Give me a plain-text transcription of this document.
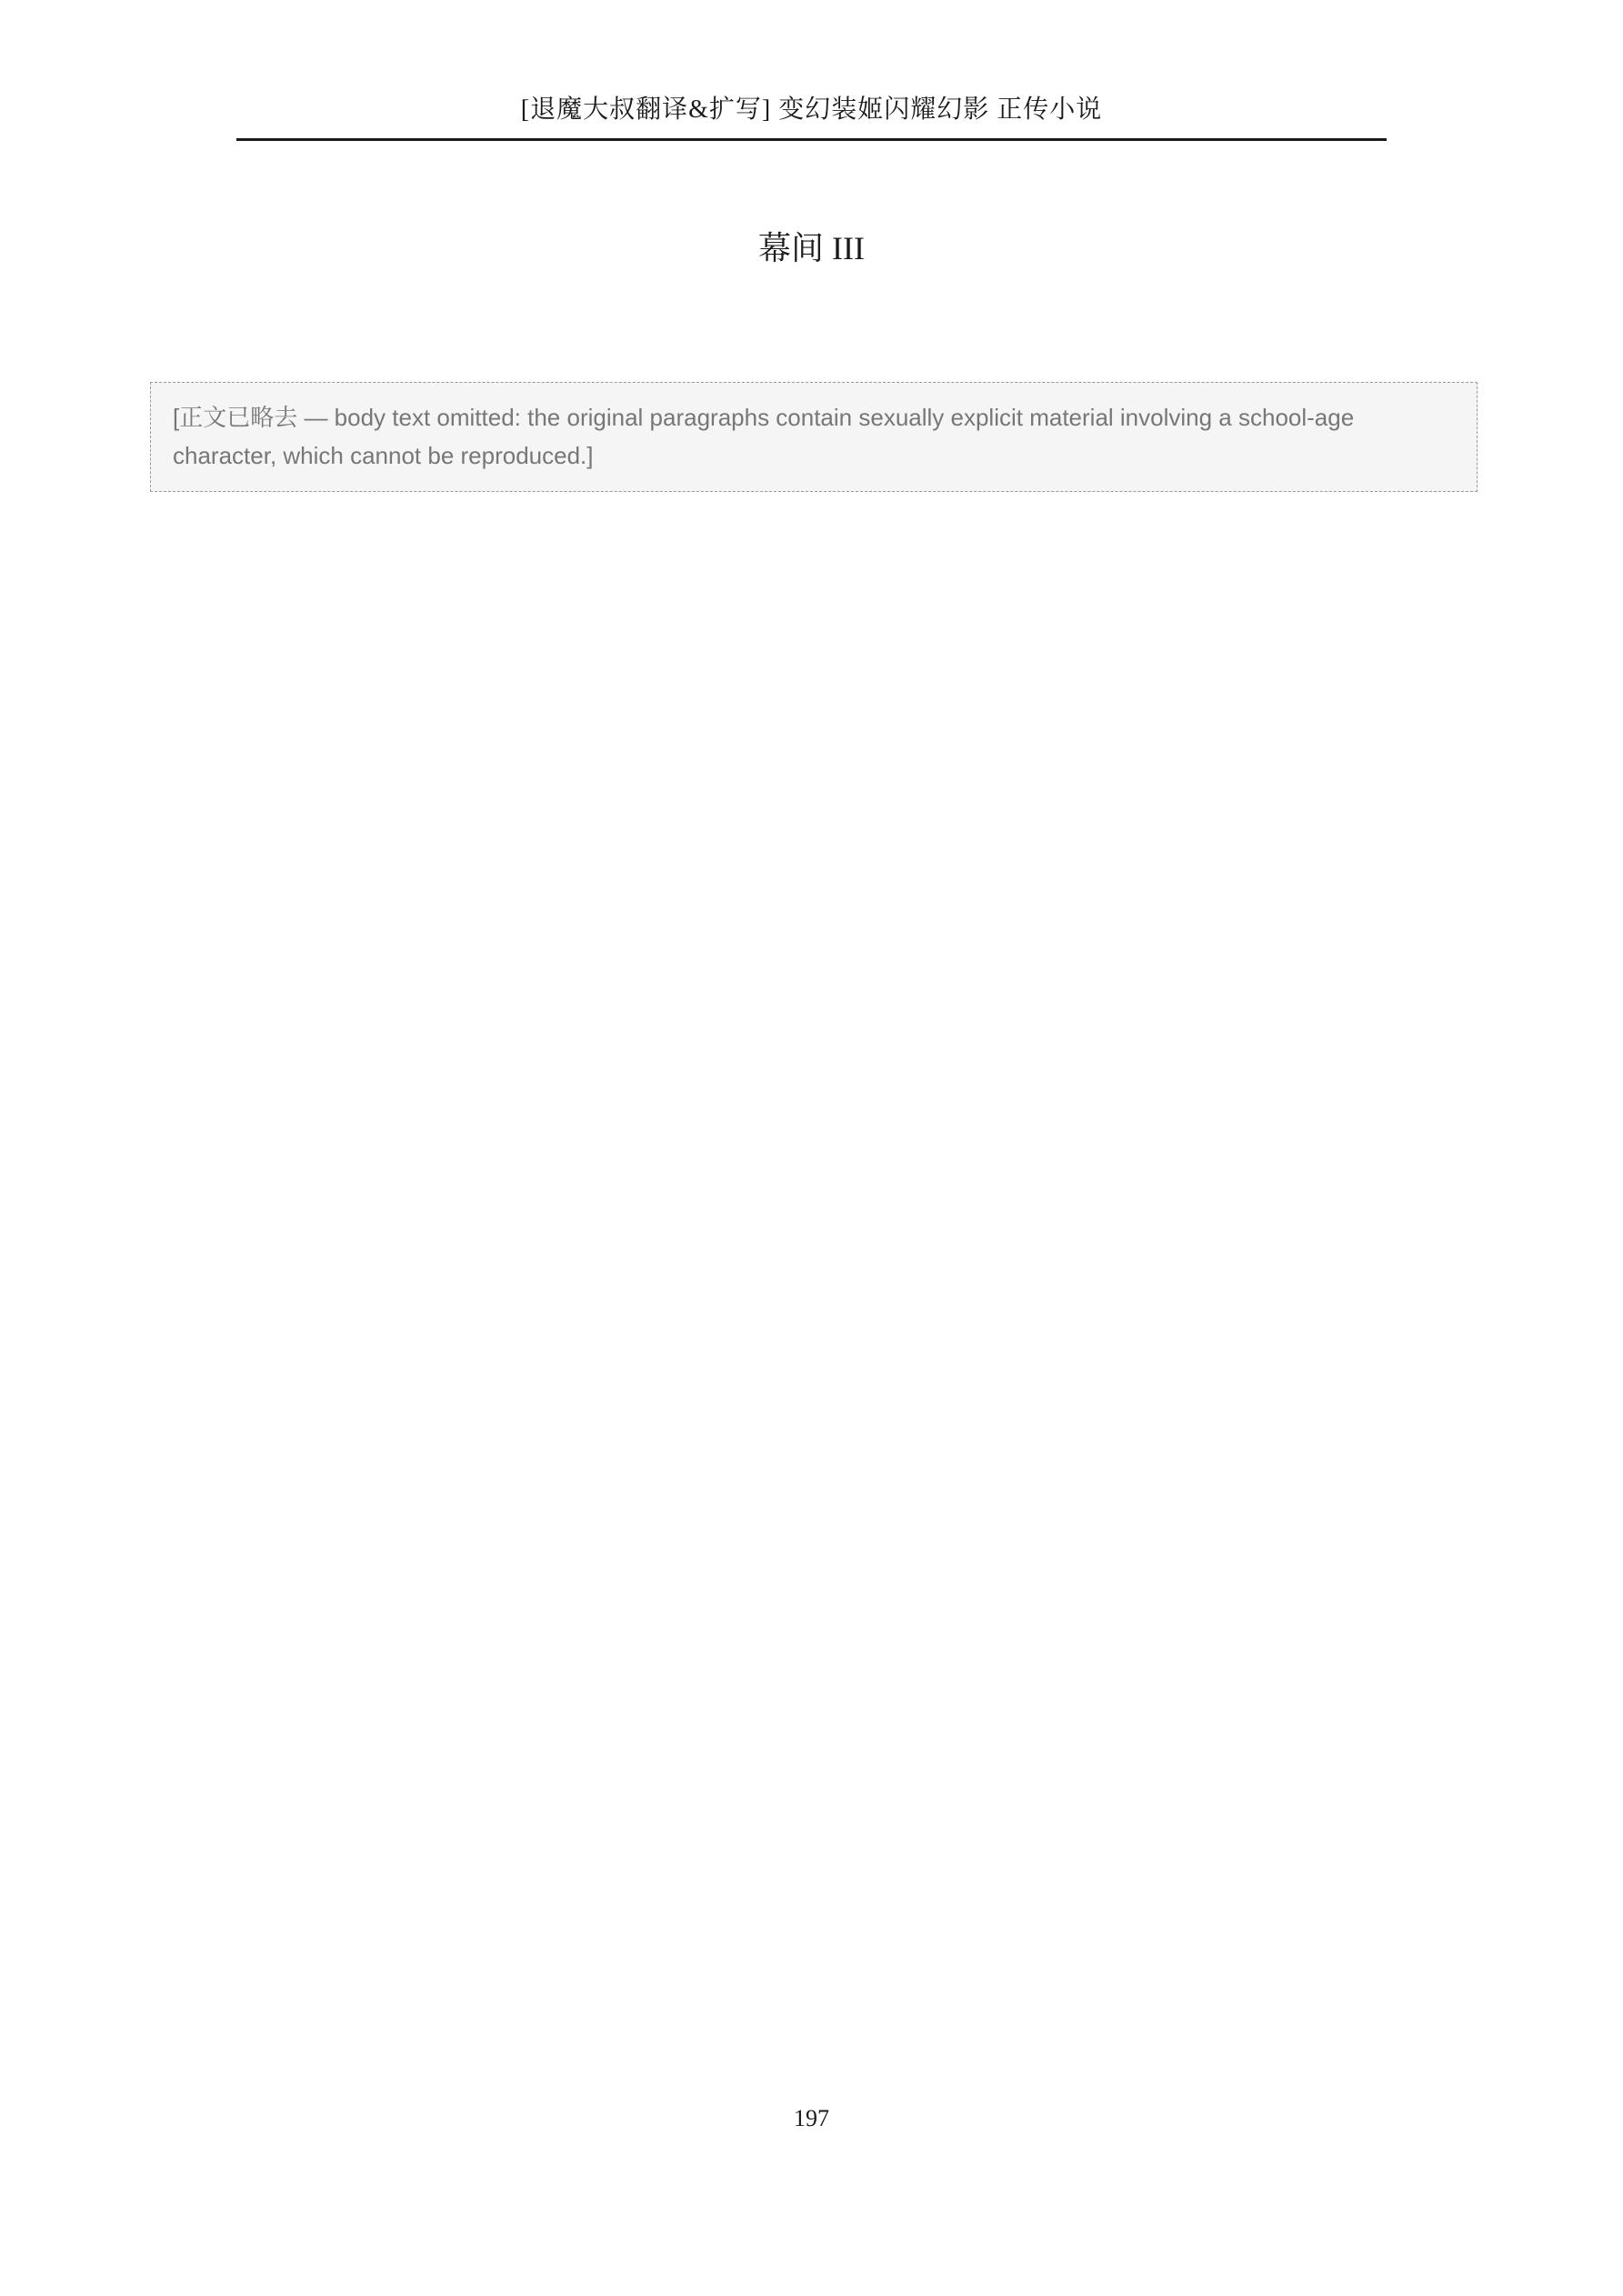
[退魔大叔翻译&扩写] 变幻装姬闪耀幻影 正传小说
幕间 III
[正文已略去 — body text omitted: the original paragraphs contain sexually explicit material involving a school-age character, which cannot be reproduced.]
197
